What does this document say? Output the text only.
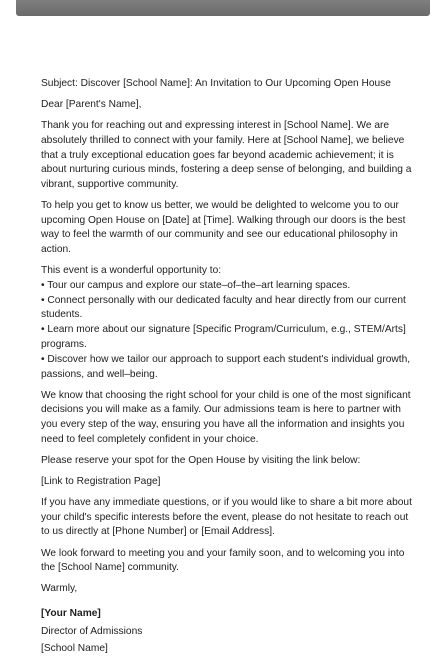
Subject: Discover [School Name]: An Invitation to Our Upcoming Open House

Dear [Parent's Name],

Thank you for reaching out and expressing interest in [School Name]. We are absolutely thrilled to connect with your family. Here at [School Name], we believe that a truly exceptional education goes far beyond academic achievement; it is about nurturing curious minds, fostering a deep sense of belonging, and building a vibrant, supportive community.

To help you get to know us better, we would be delighted to welcome you to our upcoming Open House on [Date] at [Time]. Walking through our doors is the best way to feel the warmth of our community and see our educational philosophy in action.

This event is a wonderful opportunity to:

• Tour our campus and explore our state–of–the–art learning spaces.

• Connect personally with our dedicated faculty and hear directly from our current students.

• Learn more about our signature [Specific Program/Curriculum, e.g., STEM/Arts] programs.

• Discover how we tailor our approach to support each student's individual growth, passions, and well–being.

We know that choosing the right school for your child is one of the most significant decisions you will make as a family. Our admissions team is here to partner with you every step of the way, ensuring you have all the information and insights you need to feel completely confident in your choice.

Please reserve your spot for the Open House by visiting the link below:

[Link to Registration Page]

If you have any immediate questions, or if you would like to share a bit more about your child's specific interests before the event, please do not hesitate to reach out to us directly at [Phone Number] or [Email Address].

We look forward to meeting you and your family soon, and to welcoming you into the [School Name] community.

Warmly,

[Your Name]

Director of Admissions

[School Name]
